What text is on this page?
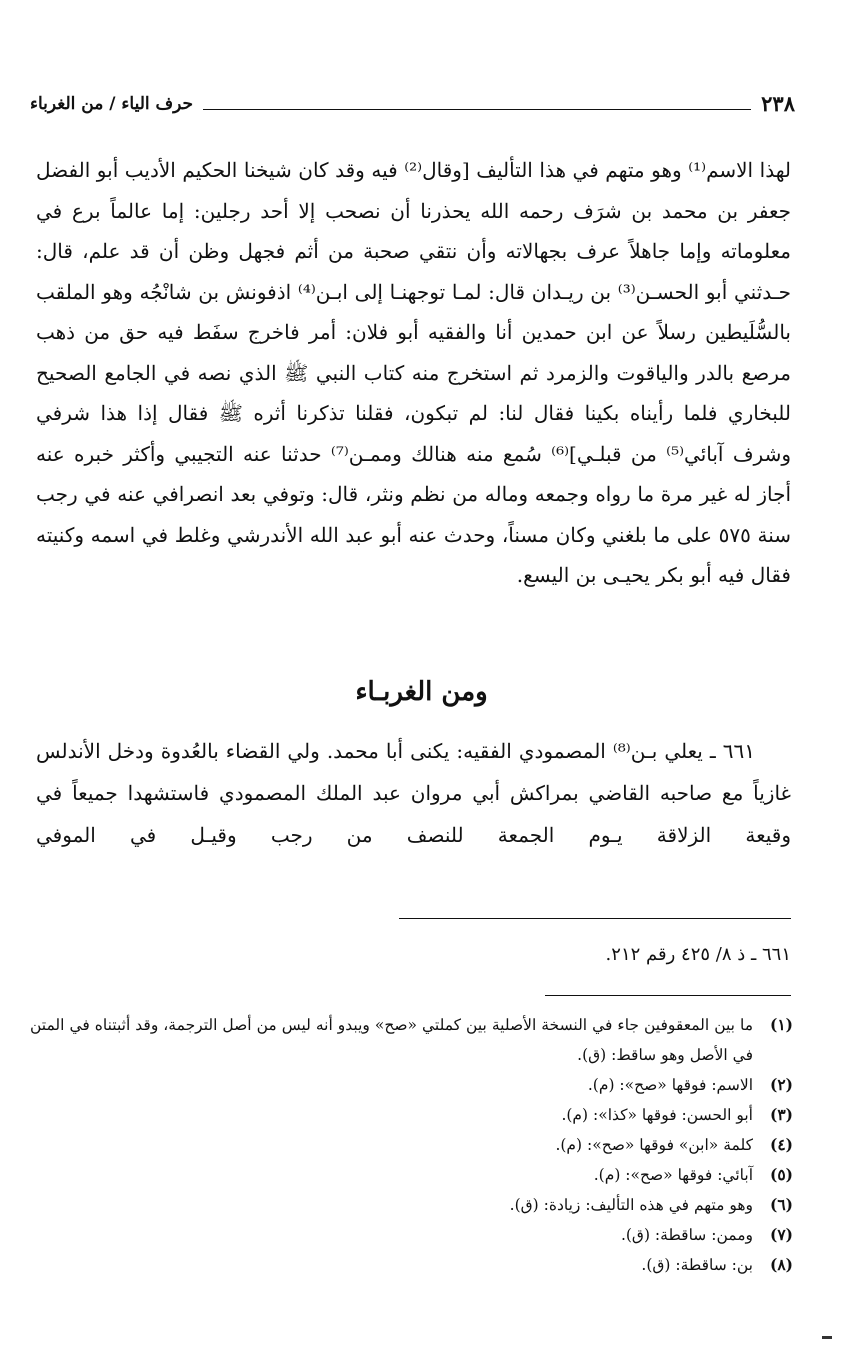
٢٣٨
حرف الياء / من الغرباء

لهذا الاسم⁽¹⁾ وهو متهم في هذا التأليف [وقال⁽²⁾ فيه وقد كان شيخنا الحكيم الأديب أبو الفضل جعفر بن محمد بن شرَف رحمه الله يحذرنا أن نصحب إلا أحد رجلين: إما عالماً برع في معلوماته وإما جاهلاً عرف بجهالاته وأن نتقي صحبة من أثم فجهل وظن أن قد علم، قال: حـدثني أبو الحسـن⁽³⁾ بن ريـدان قال: لمـا توجهنـا إلى ابـن⁽⁴⁾ اذفونش بن شانْجُه وهو الملقب بالسُّلَيطين رسلاً عن ابن حمدين أنا والفقيه أبو فلان: أمر فاخرج سفَط فيه حق من ذهب مرصع بالدر والياقوت والزمرد ثم استخرج منه كتاب النبي ﷺ الذي نصه في الجامع الصحيح للبخاري فلما رأيناه بكينا فقال لنا: لم تبكون، فقلنا تذكرنا أثره ﷺ فقال إذا هذا شرفي وشرف آبائي⁽⁵⁾ من قبلـي]⁽⁶⁾ سُمع منه هنالك وممـن⁽⁷⁾ حدثنا عنه التجيبي وأكثر خبره عنه أجاز له غير مرة ما رواه وجمعه وماله من نظم ونثر، قال: وتوفي بعد انصرافي عنه في رجب سنة ٥٧٥ على ما بلغني وكان مسناً، وحدث عنه أبو عبد الله الأندرشي وغلط في اسمه وكنيته فقال فيه أبو بكر يحيـى بن اليسع.

ومن الغربـاء

٦٦١ ـ يعلي بـن⁽⁸⁾ المصمودي الفقيه: يكنى أبا محمد. ولي القضاء بالعُدوة ودخل الأندلس غازياً مع صاحبه القاضي بمراكش أبي مروان عبد الملك المصمودي فاستشهدا جميعاً في وقيعة الزلاقة يـوم الجمعة للنصف من رجب وقيـل في الموفي

٦٦١ ـ ذ ٨/ ٤٢٥ رقم ٢١٢.
(١)
ما بين المعقوفين جاء في النسخة الأصلية بين كملتي «صح» ويبدو أنه ليس من أصل الترجمة، وقد أثبتناه في المتن في الأصل وهو ساقط: (ق).
(٢)
الاسم: فوقها «صح»: (م).
(٣)
أبو الحسن: فوقها «كذا»: (م).
(٤)
كلمة «ابن» فوقها «صح»: (م).
(٥)
آبائي: فوقها «صح»: (م).
(٦)
وهو متهم في هذه التأليف: زيادة: (ق).
(٧)
وممن: ساقطة: (ق).
(٨)
بن: ساقطة: (ق).
